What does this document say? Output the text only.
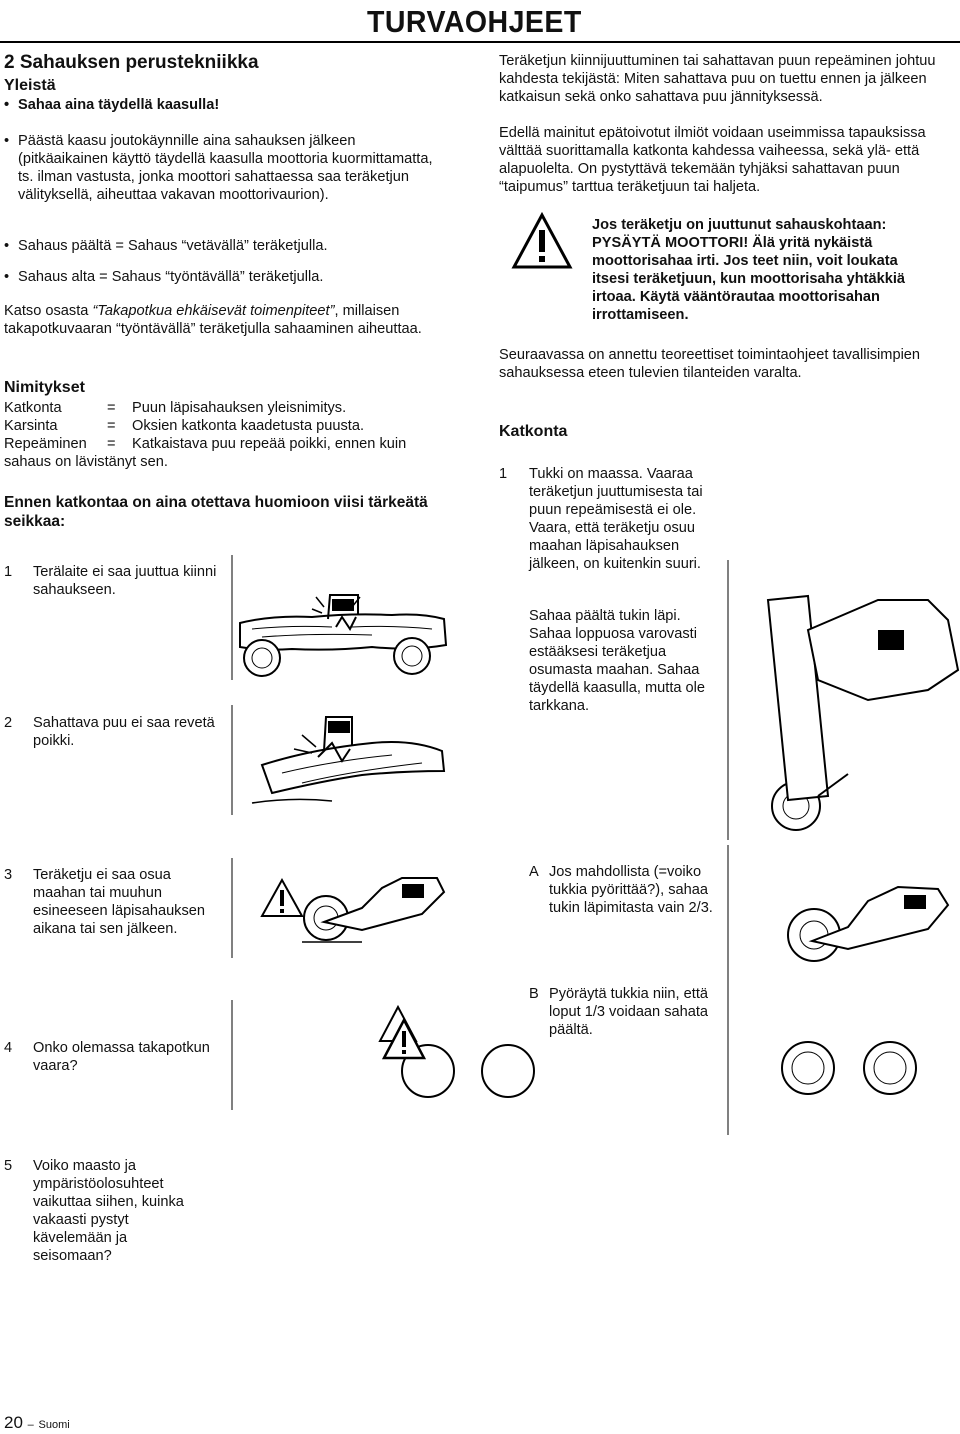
TURVAOHJEET
2 Sahauksen perustekniikka
Yleistä
• Sahaa aina täydellä kaasulla!
• Päästä kaasu joutokäynnille aina sahauksen jälkeen (pitkäaikainen käyttö täydellä kaasulla moottoria kuormittamatta, ts. ilman vastusta, jonka moottori sahattaessa saa teräketjun välityksellä, aiheuttaa vakavan moottorivaurion).
• Sahaus päältä = Sahaus “vetävällä” teräketjulla.
• Sahaus alta = Sahaus “työntävällä” teräketjulla.
Katso osasta “Takapotkua ehkäisevät toimenpiteet”, millaisen takapotkuvaaran “työntävällä” teräketjulla sahaaminen aiheuttaa.
Nimitykset
Katkonta	= Puun läpisahauksen yleisnimitys.
Karsinta	= Oksien katkonta kaadetusta puusta.
Repeäminen = Katkaistava puu repeää poikki, ennen kuin
sahaus on lävistänyt sen.
Ennen katkontaa on aina otettava huomioon viisi tärkeätä seikkaa:
1 Terälaite ei saa juuttua kiinni sahaukseen.
2 Sahattava puu ei saa revetä poikki.
3 Teräketju ei saa osua maahan tai muuhun esineeseen läpisahauksen aikana tai sen jälkeen.
4 Onko olemassa takapotkun vaara?
5 Voiko maasto ja ympäristöolosuhteet vaikuttaa siihen, kuinka vakaasti pystyt kävelemään ja seisomaan?
Teräketjun kiinnijuuttuminen tai sahattavan puun repeäminen johtuu kahdesta tekijästä: Miten sahattava puu on tuettu ennen ja jälkeen katkaisun sekä onko sahattava puu jännityksessä.
Edellä mainitut epätoivotut ilmiöt voidaan useimmissa tapauksissa välttää suorittamalla katkonta kahdessa vaiheessa, sekä ylä- että alapuolelta. On pystyttävä tekemään tyhjäksi sahattavan puun “taipumus” tarttua teräketjuun tai haljeta.
Jos teräketju on juuttunut sahauskohtaan: PYSÄYTÄ MOOTTORI! Älä yritä nykäistä moottorisahaa irti. Jos teet niin, voit loukata itsesi teräketjuun, kun moottorisaha yhtäkkiä irtoaa. Käytä vääntörautaa moottorisahan irrottamiseen.
Seuraavassa on annettu teoreettiset toimintaohjeet tavallisimpien sahauksessa eteen tulevien tilanteiden varalta.
Katkonta
1 Tukki on maassa. Vaaraa teräketjun juuttumisesta tai puun repeämisestä ei ole. Vaara, että teräketju osuu maahan läpisahauksen jälkeen, on kuitenkin suuri.
Sahaa päältä tukin läpi. Sahaa loppuosa varovasti estääksesi teräketjua osumasta maahan. Sahaa täydellä kaasulla, mutta ole tarkkana.
A Jos mahdollista (=voiko tukkia pyörittää?), sahaa tukin läpimitasta vain 2/3.
B Pyöräytä tukkia niin, että loput 1/3 voidaan sahata päältä.
20 – Suomi
